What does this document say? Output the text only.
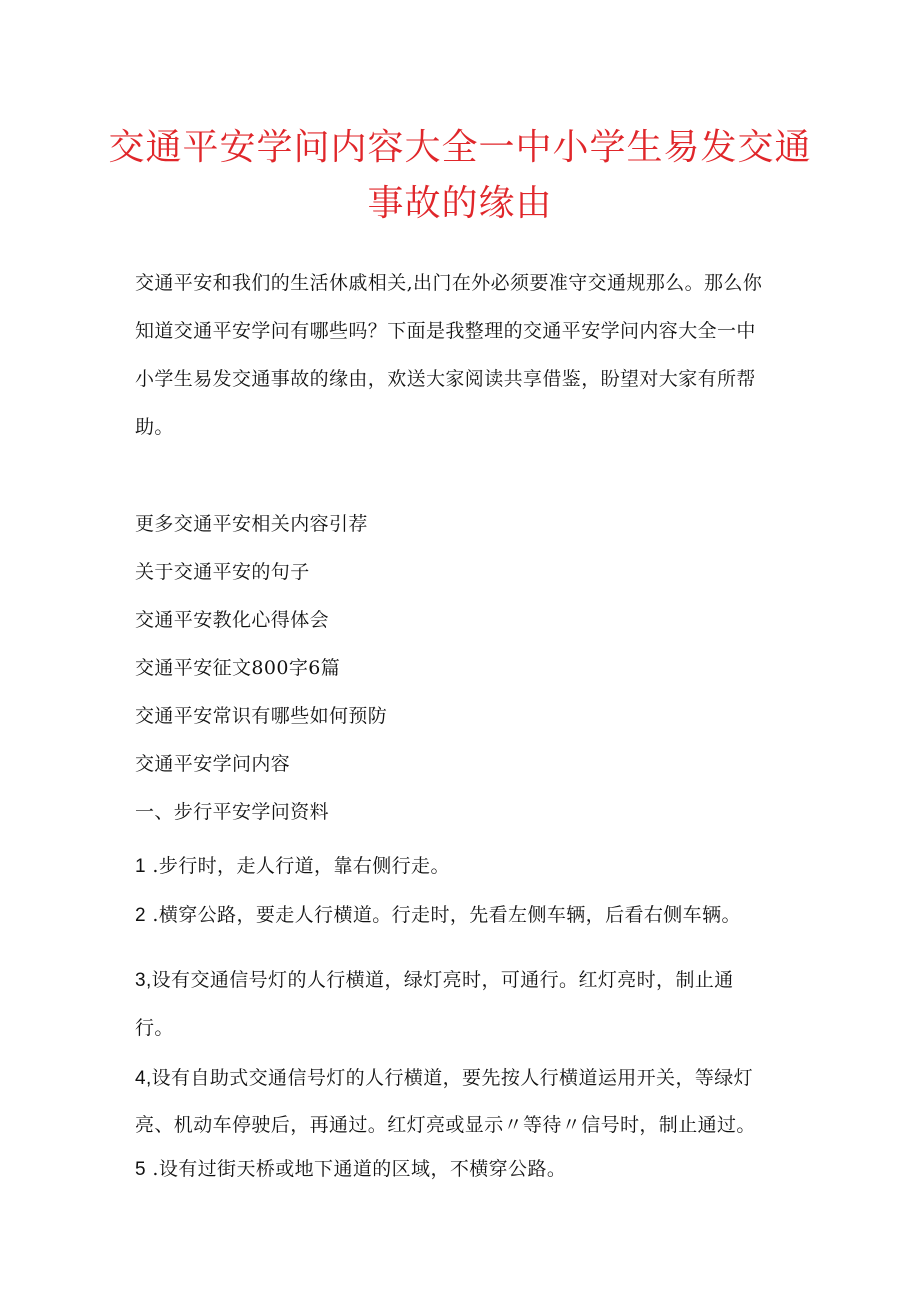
交通平安学问内容大全一中小学生易发交通
事故的缘由
交通平安和我们的生活休戚相关,出门在外必须要准守交通规那么。那么你
知道交通平安学问有哪些吗？下面是我整理的交通平安学问内容大全一中
小学生易发交通事故的缘由，欢送大家阅读共享借鉴，盼望对大家有所帮
助。
更多交通平安相关内容引荐
关于交通平安的句子
交通平安教化心得体会
交通平安征文800字6篇
交通平安常识有哪些如何预防
交通平安学问内容
一、步行平安学问资料
1 .步行时，走人行道，靠右侧行走。
2 .横穿公路，要走人行横道。行走时，先看左侧车辆，后看右侧车辆。
3,设有交通信号灯的人行横道，绿灯亮时，可通行。红灯亮时，制止通
行。
4,设有自助式交通信号灯的人行横道，要先按人行横道运用开关，等绿灯
亮、机动车停驶后，再通过。红灯亮或显示〃等待〃信号时，制止通过。
5 .设有过街天桥或地下通道的区域，不横穿公路。
